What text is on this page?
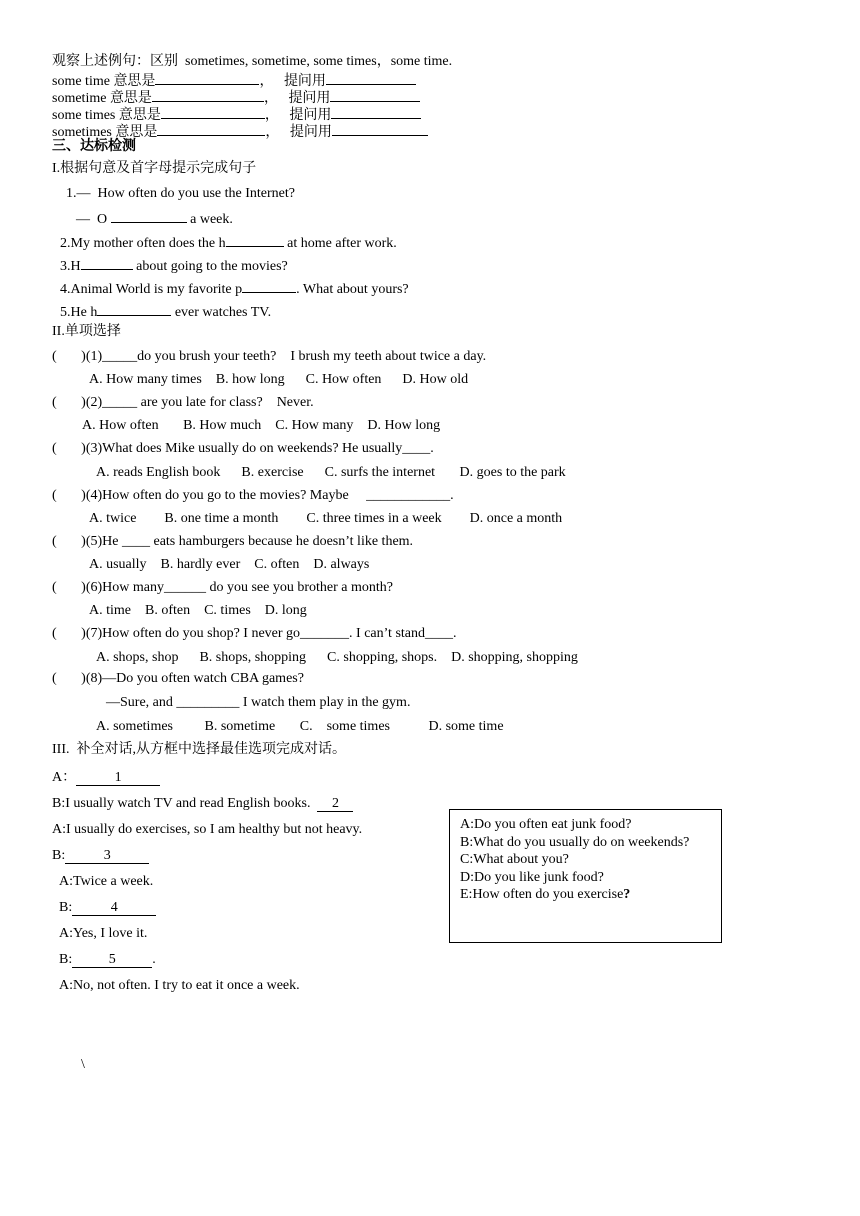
观察上述例句：区别  sometimes, sometime, some times，some time.
some time 意思是	，   提问用
sometime 意思是	，   提问用
some times 意思是	，   提问用
sometimes 意思是	，   提问用
三、达标检测
I.根据句意及首字母提示完成句子
1.—  How often do you use the Internet?
—  O	a week.
2.My mother often does the h	at home after work.
3.H	about going to the movies?
4.Animal World is my favorite p	. What about yours?
5.He h	ever watches TV.
II.单项选择
(       )(1)_____do you brush your teeth?    I brush my teeth about twice a day.
A. How many times    B. how long      C. How often      D. How old
(       )(2)_____ are you late for class?    Never.
A. How often       B. How much    C. How many    D. How long
(       )(3)What does Mike usually do on weekends? He usually____.
A. reads English book      B. exercise      C. surfs the internet       D. goes to the park
(       )(4)How often do you go to the movies? Maybe     ____________.
A. twice        B. one time a month        C. three times in a week        D. once a month
(       )(5)He ____ eats hamburgers because he doesn’t like them.
A. usually    B. hardly ever    C. often    D. always
(       )(6)How many______ do you see you brother a month?
A. time    B. often    C. times    D. long
(       )(7)How often do you shop? I never go_______. I can’t stand____.
A. shops, shop      B. shops, shopping      C. shopping, shops.    D. shopping, shopping
(       )(8)—Do you often watch CBA games?
—Sure, and _________ I watch them play in the gym.
A. sometimes         B. sometime       C.    some times           D. some time
III.  补全对话,从方框中选择最佳选项完成对话。
A：	1
B:I usually watch TV and read English books.  2
A:I usually do exercises, so I am healthy but not heavy.
B:	3
A:Twice a week.
B:	4
A:Yes, I love it.
B:	5	.
A:No, not often. I try to eat it once a week.
A:Do you often eat junk food?
B:What do you usually do on weekends?
C:What about you?
D:Do you like junk food?
E:How often do you exercise?
\
